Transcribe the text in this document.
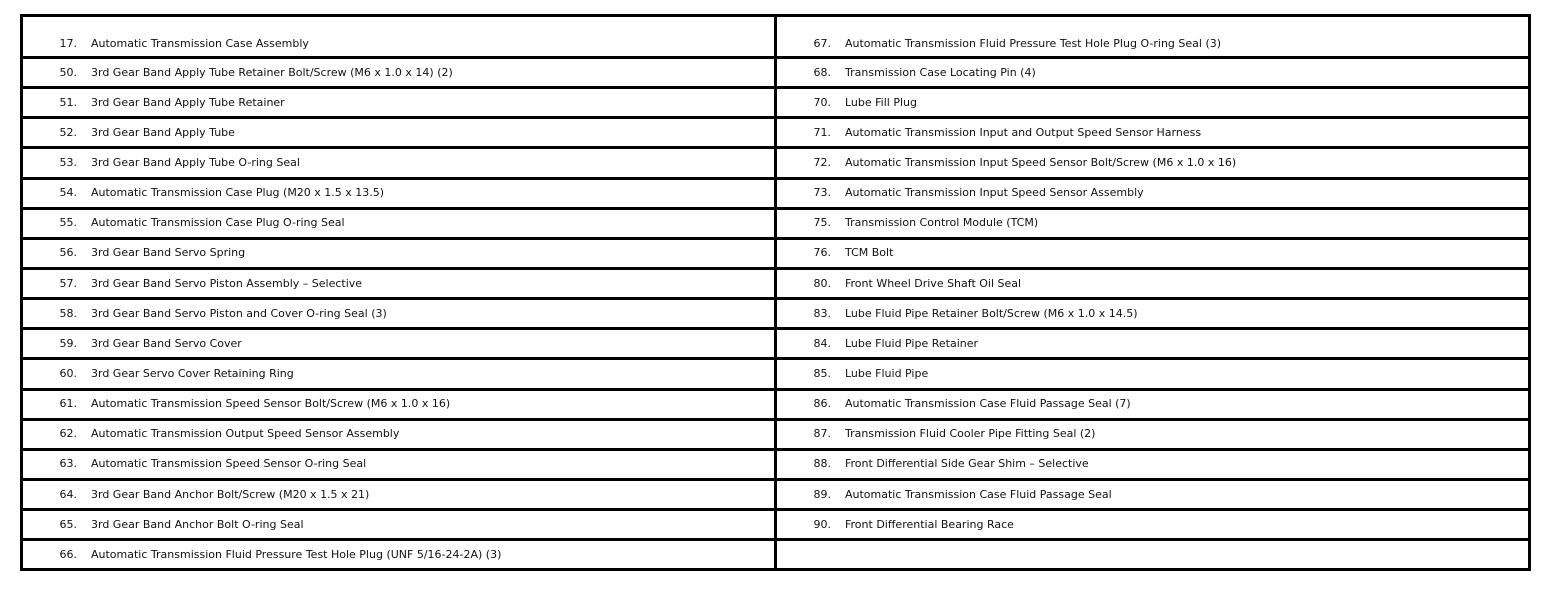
17. Automatic Transmission Case Assembly	67. Automatic Transmission Fluid Pressure Test Hole Plug O-ring Seal (3)

50. 3rd Gear Band Apply Tube Retainer Bolt/Screw (M6 x 1.0 x 14) (2)	68. Transmission Case Locating Pin (4)

51. 3rd Gear Band Apply Tube Retainer	70. Lube Fill Plug

52. 3rd Gear Band Apply Tube	71. Automatic Transmission Input and Output Speed Sensor Harness

53. 3rd Gear Band Apply Tube O-ring Seal	72. Automatic Transmission Input Speed Sensor Bolt/Screw (M6 x 1.0 x 16)

54. Automatic Transmission Case Plug (M20 x 1.5 x 13.5)	73. Automatic Transmission Input Speed Sensor Assembly

55. Automatic Transmission Case Plug O-ring Seal	75. Transmission Control Module (TCM)

56. 3rd Gear Band Servo Spring	76. TCM Bolt

57. 3rd Gear Band Servo Piston Assembly – Selective	80. Front Wheel Drive Shaft Oil Seal

58. 3rd Gear Band Servo Piston and Cover O-ring Seal (3)	83. Lube Fluid Pipe Retainer Bolt/Screw (M6 x 1.0 x 14.5)

59. 3rd Gear Band Servo Cover	84. Lube Fluid Pipe Retainer

60. 3rd Gear Servo Cover Retaining Ring	85. Lube Fluid Pipe

61. Automatic Transmission Speed Sensor Bolt/Screw (M6 x 1.0 x 16)	86. Automatic Transmission Case Fluid Passage Seal (7)

62. Automatic Transmission Output Speed Sensor Assembly	87. Transmission Fluid Cooler Pipe Fitting Seal (2)

63. Automatic Transmission Speed Sensor O-ring Seal	88. Front Differential Side Gear Shim – Selective

64. 3rd Gear Band Anchor Bolt/Screw (M20 x 1.5 x 21)	89. Automatic Transmission Case Fluid Passage Seal

65. 3rd Gear Band Anchor Bolt O-ring Seal	90. Front Differential Bearing Race

66. Automatic Transmission Fluid Pressure Test Hole Plug (UNF 5/16-24-2A) (3)	
